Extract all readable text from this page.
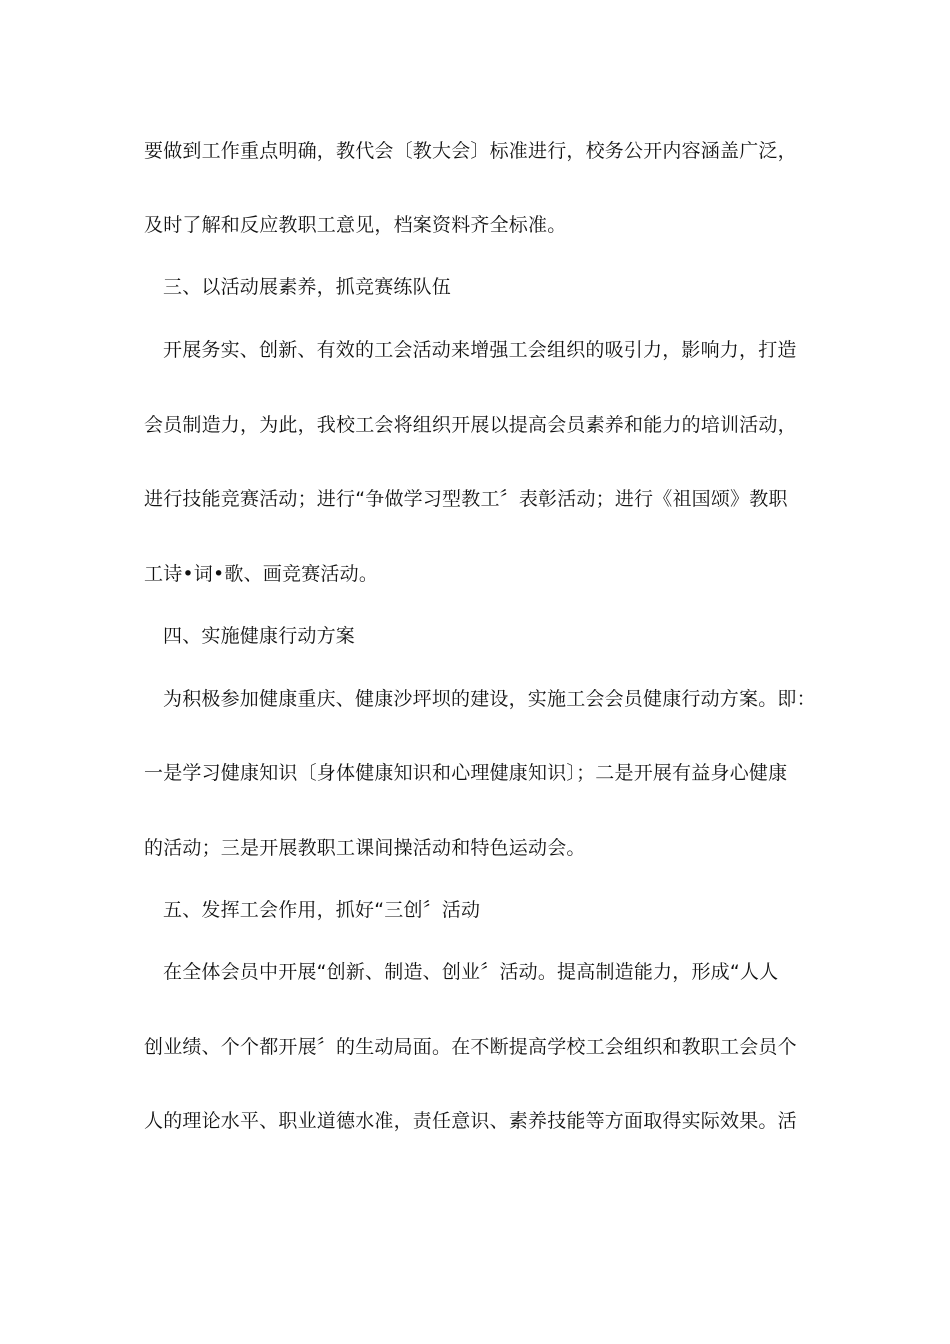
要做到工作重点明确，教代会〔教大会〕标准进行，校务公开内容涵盖广泛，
及时了解和反应教职工意见，档案资料齐全标准。
三、以活动展素养，抓竞赛练队伍
开展务实、创新、有效的工会活动来增强工会组织的吸引力，影响力，打造
会员制造力，为此，我校工会将组织开展以提高会员素养和能力的培训活动，
进行技能竞赛活动；进行“争做学习型教工〞表彰活动；进行《祖国颂》教职
工诗•词•歌、画竞赛活动。
四、实施健康行动方案
为积极参加健康重庆、健康沙坪坝的建设，实施工会会员健康行动方案。即：
一是学习健康知识〔身体健康知识和心理健康知识〕；二是开展有益身心健康
的活动；三是开展教职工课间操活动和特色运动会。
五、发挥工会作用，抓好“三创〞活动
在全体会员中开展“创新、制造、创业〞活动。提高制造能力，形成“人人
创业绩、个个都开展〞的生动局面。在不断提高学校工会组织和教职工会员个
人的理论水平、职业道德水准，责任意识、素养技能等方面取得实际效果。活
